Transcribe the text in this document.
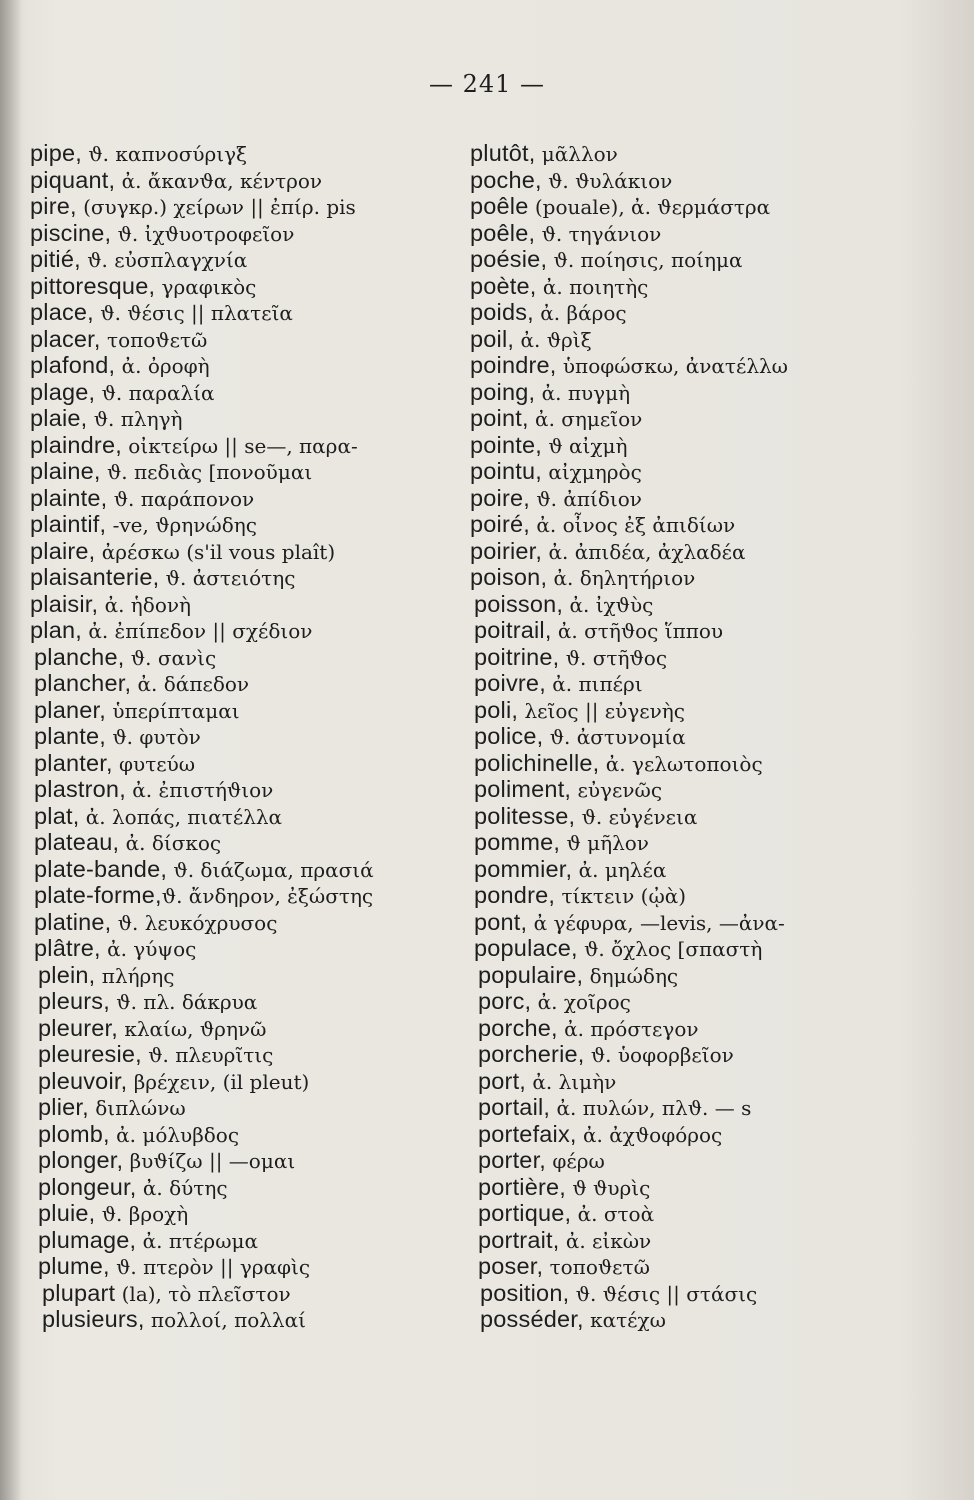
— 241 —
pipe, ϑ. καπνοσύριγξ
piquant, ἀ. ἄκανϑα, κέντρον
pire, (συγκρ.) χείρων || ἐπίρ. pis
piscine, ϑ. ἰχϑυοτροφεῖον
pitié, ϑ. εὐσπλαγχνία
pittoresque, γραφικὸς
place, ϑ. ϑέσις || πλατεῖα
placer, τοποϑετῶ
plafond, ἀ. ὀροφὴ
plage, ϑ. παραλία
plaie, ϑ. πληγὴ
plaindre, οἰκτείρω || se—, παρα-
plaine, ϑ. πεδιὰς [πονοῦμαι
plainte, ϑ. παράπονον
plaintif, -ve, ϑρηνώδης
plaire, ἀρέσκω (s'il vous plaît)
plaisanterie, ϑ. ἀστειότης
plaisir, ἀ. ἡδονὴ
plan, ἀ. ἐπίπεδον || σχέδιον
planche, ϑ. σανὶς
plancher, ἀ. δάπεδον
planer, ὑπερίπταμαι
plante, ϑ. φυτὸν
planter, φυτεύω
plastron, ἀ. ἐπιστήϑιον
plat, ἀ. λοπάς, πιατέλλα
plateau, ἀ. δίσκος
plate-bande, ϑ. διάζωμα, πρασιά
plate-forme,ϑ. ἄνδηρον, ἐξώστης
platine, ϑ. λευκόχρυσος
plâtre, ἀ. γύψος
plein, πλήρης
pleurs, ϑ. πλ. δάκρυα
pleurer, κλαίω, ϑρηνῶ
pleuresie, ϑ. πλευρῖτις
pleuvoir, βρέχειν, (il pleut)
plier, διπλώνω
plomb, ἀ. μόλυβδος
plonger, βυϑίζω || —ομαι
plongeur, ἀ. δύτης
pluie, ϑ. βροχὴ
plumage, ἀ. πτέρωμα
plume, ϑ. πτερὸν || γραφὶς
plupart (la), τὸ πλεῖστον
plusieurs, πολλοί, πολλαί
plutôt, μᾶλλον
poche, ϑ. ϑυλάκιον
poêle (pouale), ἀ. ϑερμάστρα
poêle, ϑ. τηγάνιον
poésie, ϑ. ποίησις, ποίημα
poète, ἀ. ποιητὴς
poids, ἀ. βάρος
poil, ἀ. ϑρὶξ
poindre, ὑποφώσκω, ἀνατέλλω
poing, ἀ. πυγμὴ
point, ἀ. σημεῖον
pointe, ϑ αἰχμὴ
pointu, αἰχμηρὸς
poire, ϑ. ἀπίδιον
poiré, ἀ. οἶνος ἐξ ἀπιδίων
poirier, ἀ. ἀπιδέα, ἀχλαδέα
poison, ἀ. δηλητήριον
poisson, ἀ. ἰχϑὺς
poitrail, ἀ. στῆϑος ἵππου
poitrine, ϑ. στῆϑος
poivre, ἀ. πιπέρι
poli, λεῖος || εὐγενὴς
police, ϑ. ἀστυνομία
polichinelle, ἀ. γελωτοποιὸς
poliment, εὐγενῶς
politesse, ϑ. εὐγένεια
pomme, ϑ μῆλον
pommier, ἀ. μηλέα
pondre, τίκτειν (ᾠὰ)
pont, ἀ γέφυρα, —levis, —ἀνα-
populace, ϑ. ὄχλος [σπαστὴ
populaire, δημώδης
porc, ἀ. χοῖρος
porche, ἀ. πρόστεγον
porcherie, ϑ. ὑοφορβεῖον
port, ἀ. λιμὴν
portail, ἀ. πυλών, πλϑ. — s
portefaix, ἀ. ἀχϑοφόρος
porter, φέρω
portière, ϑ ϑυρὶς
portique, ἀ. στοὰ
portrait, ἀ. εἰκὼν
poser, τοποϑετῶ
position, ϑ. ϑέσις || στάσις
posséder, κατέχω
